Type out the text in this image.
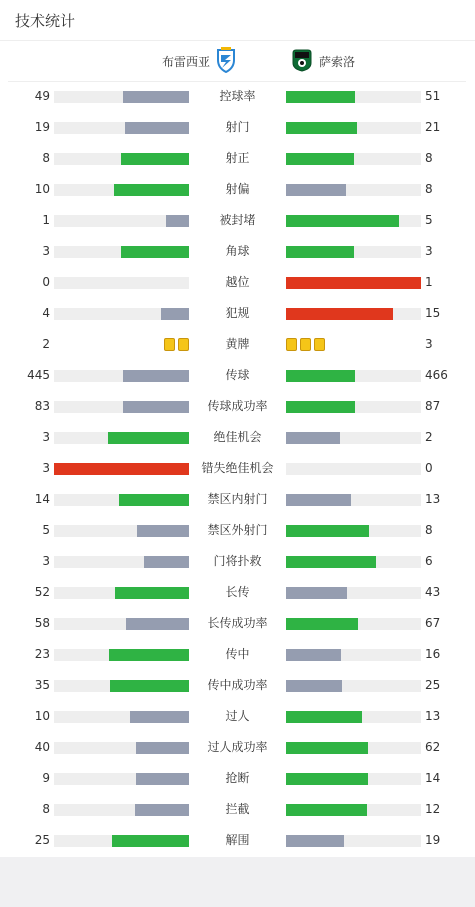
技术统计
布雷西亚	萨索洛
49	控球率	51
19	射门	21
8	射正	8
10	射偏	8
1	被封堵	5
3	角球	3
0	越位	1
4	犯规	15
2	黄牌	3
445	传球	466
83	传球成功率	87
3	绝佳机会	2
3	错失绝佳机会	0
14	禁区内射门	13
5	禁区外射门	8
3	门将扑救	6
52	长传	43
58	长传成功率	67
23	传中	16
35	传中成功率	25
10	过人	13
40	过人成功率	62
9	抢断	14
8	拦截	12
25	解围	19
